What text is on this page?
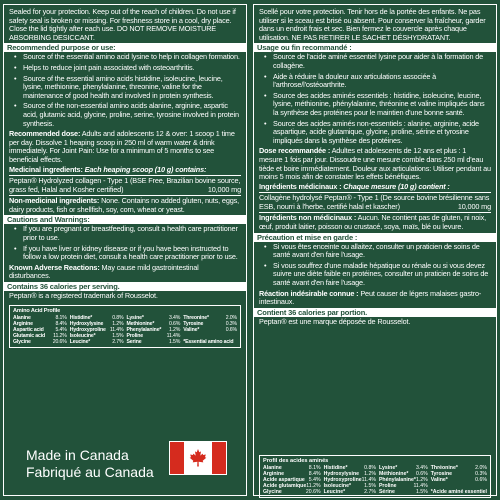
Sealed for your protection. Keep out of the reach of children. Do not use if safety seal is broken or missing. For freshness store in a cool, dry place. Close the lid tightly after each use. DO NOT REMOVE MOISTURE ABSORBING DESICCANT.

Recommended purpose or use:
• Source of the essential amino acid lysine to help in collagen formation.
• Helps to reduce joint pain associated with osteoarthritis.
• Source of the essential amino acids histidine, isoleucine, leucine, lysine, methionine, phenylalanine, threonine, valine for the maintenance of good health and involved in protein synthesis.
• Source of the non-essential amino acids alanine, arginine, aspartic acid, glutamic acid, glycine, proline, serine, tyrosine involved in protein synthesis.

Recommended dose: Adults and adolescents 12 & over: 1 scoop 1 time per day. Dissolve 1 heaping scoop in 250 ml of warm water & drink immediately. For Joint Pain: Use for a minimum of 5 months to see beneficial effects.

Medicinal ingredients: Each heaping scoop (10 g) contains:

Peptan® Hydrolyzed collagen - Type 1 (BSE Free, Brazilian bovine source, grass fed, Halal and Kosher certified)	10,000 mg

Non-medicinal ingredients: None. Contains no added gluten, nuts, eggs, dairy products, fish or shellfish, soy, corn, wheat or yeast.

Cautions and Warnings:
• If you are pregnant or breastfeeding, consult a health care practitioner prior to use.
• If you have liver or kidney disease or if you have been instructed to follow a low protein diet, consult a health care practitioner prior to use.

Known Adverse Reactions: May cause mild gastrointestinal disturbances.

Contains 36 calories per serving.

Peptan® is a registered trademark of Rousselot.

Amino Acid Profile
Alanine	8.1% Histidine*	0.8% Lysine*	3.4% Threonine*	2.0%
Arginine	8.4% Hydroxylysine 1.2% Methionine*	0.6% Tyrosine	0.3%
Aspartic acid 5.4% Hydroxyproline 11.4% Phenylalanine* 1.2% Valine*	0.6%
Glutamic acid 11.2% Isoleucine*	1.5% Proline	11.4%
Glycine	20.6% Leucine*	2.7% Serine	1.5% *Essential amino acid
Made in Canada
Fabriqué au Canada

Scellé pour votre protection. Tenir hors de la portée des enfants. Ne pas utiliser si le sceau est brisé ou absent. Pour conserver la fraîcheur, garder dans un endroit frais et sec. Bien fermez le couvercle après chaque utilisation. NE PAS RETIRER LE SACHET DÉSHYDRATANT.

Usage ou fin recommandé :
• Source de l'acide aminé essentiel lysine pour aider à la formation de collagène.
• Aide à réduire la douleur aux articulations associée à l'arthrose/l'ostéoarthrite.
• Source des acides aminés essentiels : histidine, isoleucine, leucine, lysine, méthionine, phénylalanine, thréonine et valine impliqués dans la synthèse des protéines pour le maintien d'une bonne santé.
• Source des acides aminés non-essentiels : alanine, arginine, acide aspartique, acide glutamique, glycine, proline, sérine et tyrosine impliqués dans la synthèse des protéines.

Dose recommandée : Adultes et adolescents de 12 ans et plus : 1 mesure 1 fois par jour. Dissoudre une mesure comble dans 250 ml d'eau tiède et boire immédiatement. Douleur aux articulations: Utiliser pendant au moins 5 mois afin de constater les effets bénéfiques.

Ingrédients médicinaux : Chaque mesure (10 g) contient :

Collagène hydrolysé Peptan® - Type 1 (De source bovine brésilienne sans ESB, nourri à l'herbe, certifié halal et kascher)	10,000 mg

Ingrédients non médicinaux : Aucun. Ne contient pas de gluten, ni noix, œuf, produit laitier, poisson ou crustacé, soya, maïs, blé ou levure.

Précaution et mise en garde :
• Si vous êtes enceinte ou allaitez, consulter un praticien de soins de santé avant d'en faire l'usage.
• Si vous souffrez d'une maladie hépatique ou rénale ou si vous devez suivre une diète faible en protéines, consulter un praticien de soins de santé avant d'en faire l'usage.

Réaction indésirable connue : Peut causer de légers malaises gastro-intestinaux.

Contient 36 calories par portion.

Peptan® est une marque déposée de Rousselot.

Profil des acides aminés
Alanine	8.1% Histidine*	0.8% Lysine*	3.4% Thréonine*	2.0%
Arginine	8.4% Hydroxylysine 1.2% Méthionine* 0.6% Tyrosine	0.3%
Acide aspartique 5.4% Hydroxyproline 11.4% Phénylalanine* 1.2% Valine*	0.6%
Acide glutamique 11.2% Isoleucine*	1.5% Proline	11.4%
Glycine	20.6% Leucine*	2.7% Sérine	1.5% *Acide aminé essentiel
